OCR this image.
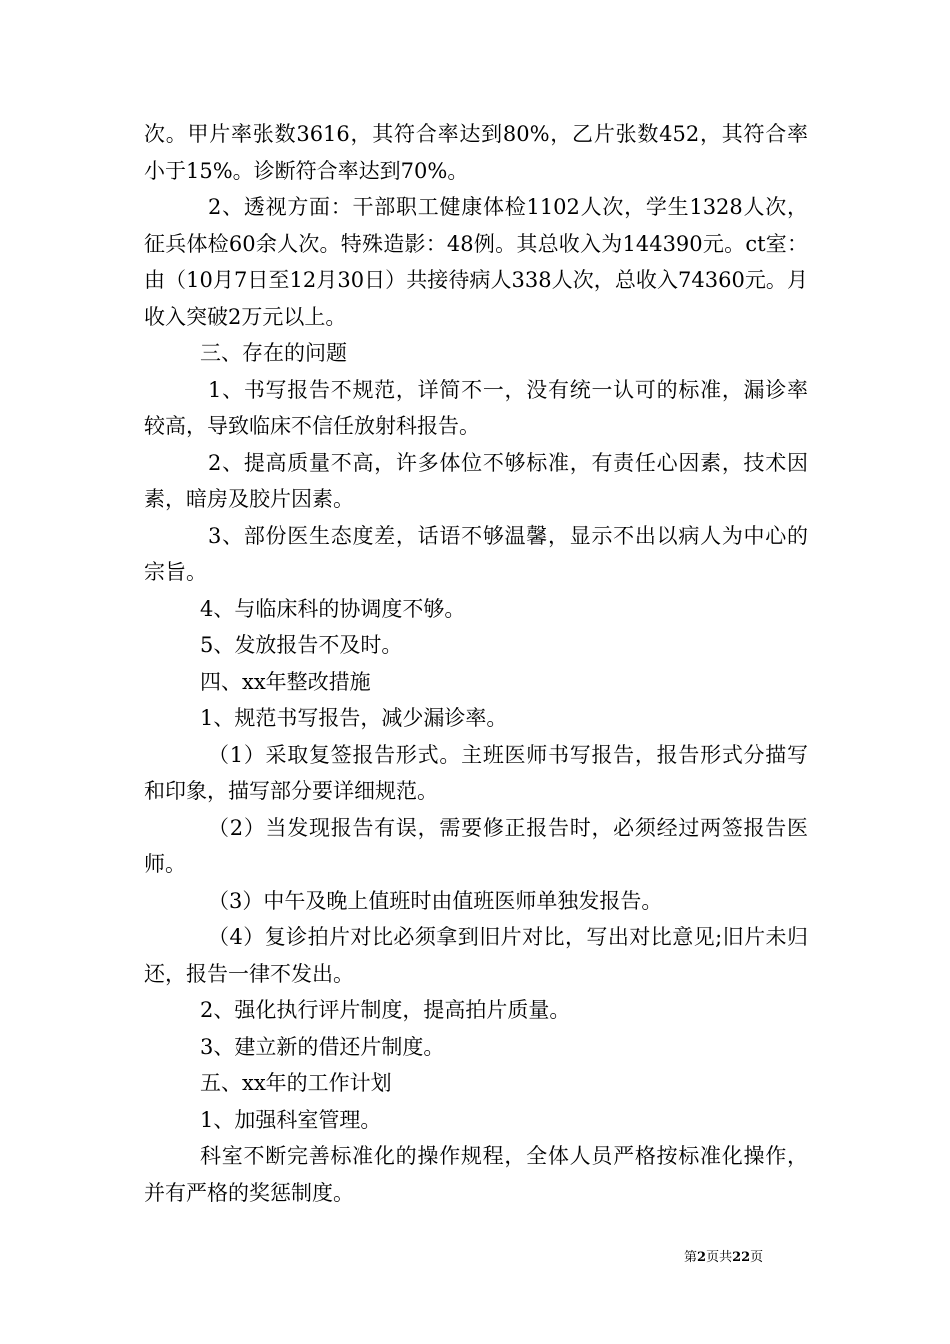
次。甲片率张数3616，其符合率达到80%，乙片张数452，其符合率小于15%。诊断符合率达到70%。

2、透视方面：干部职工健康体检1102人次，学生1328人次，征兵体检60余人次。特殊造影：48例。其总收入为144390元。ct室：由（10月7日至12月30日）共接待病人338人次，总收入74360元。月收入突破2万元以上。

三、存在的问题

1、书写报告不规范，详简不一，没有统一认可的标准，漏诊率较高，导致临床不信任放射科报告。

2、提高质量不高，许多体位不够标准，有责任心因素，技术因素，暗房及胶片因素。

3、部份医生态度差，话语不够温馨，显示不出以病人为中心的宗旨。

4、与临床科的协调度不够。

5、发放报告不及时。

四、xx年整改措施

1、规范书写报告，减少漏诊率。

（1）采取复签报告形式。主班医师书写报告，报告形式分描写和印象，描写部分要详细规范。

（2）当发现报告有误，需要修正报告时，必须经过两签报告医师。

（3）中午及晚上值班时由值班医师单独发报告。

（4）复诊拍片对比必须拿到旧片对比，写出对比意见;旧片未归还，报告一律不发出。

2、强化执行评片制度，提高拍片质量。

3、建立新的借还片制度。

五、xx年的工作计划

1、加强科室管理。

科室不断完善标准化的操作规程，全体人员严格按标准化操作，并有严格的奖惩制度。

第2页共22页
